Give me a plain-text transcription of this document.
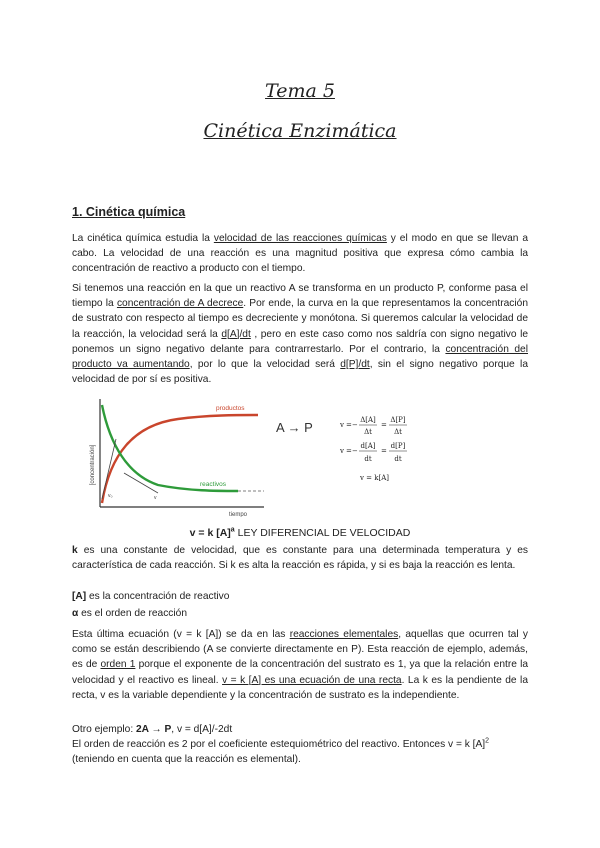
Tema 5
Cinética Enzimática
1. Cinética química
La cinética química estudia la velocidad de las reacciones químicas y el modo en que se llevan a cabo. La velocidad de una reacción es una magnitud positiva que expresa cómo cambia la concentración de reactivo a producto con el tiempo.
Si tenemos una reacción en la que un reactivo A se transforma en un producto P, conforme pasa el tiempo la concentración de A decrece. Por ende, la curva en la que representamos la concentración de sustrato con respecto al tiempo es decreciente y monótona. Si queremos calcular la velocidad de la reacción, la velocidad será la d[A]/dt , pero en este caso como nos saldría con signo negativo le ponemos un signo negativo delante para contrarrestarlo. Por el contrario, la concentración del producto va aumentando, por lo que la velocidad será d[P]/dt, sin el signo negativo porque la velocidad de por sí es positiva.
[concentración]
tiempo
productos
reactivos
v₀	v
A → P	v = −
Δ[A]
Δt
=
Δ[P]
Δt
v = −
d[A]
dt
=
d[P]
dt
v = k[A]
v = k $[A]^a$ LEY DIFERENCIAL DE VELOCIDAD
k es una constante de velocidad, que es constante para una determinada temperatura y es característica de cada reacción. Si k es alta la reacción es rápida, y si es baja la reacción es lenta.
[A] es la concentración de reactivo
α es el orden de reacción
Esta última ecuación (v = k [A]) se da en las reacciones elementales, aquellas que ocurren tal y como se están describiendo (A se convierte directamente en P). Esta reacción de ejemplo, además, es de orden 1 porque el exponente de la concentración del sustrato es 1, ya que la relación entre la velocidad y el reactivo es lineal. v = k [A] es una ecuación de una recta. La k es la pendiente de la recta, v es la variable dependiente y la concentración de sustrato es la independiente.
Otro ejemplo: 2A → P, v = d[A]/-2dt
El orden de reacción es 2 por el coeficiente estequiométrico del reactivo. Entonces v = k $[A]^2$
(teniendo en cuenta que la reacción es elemental).
